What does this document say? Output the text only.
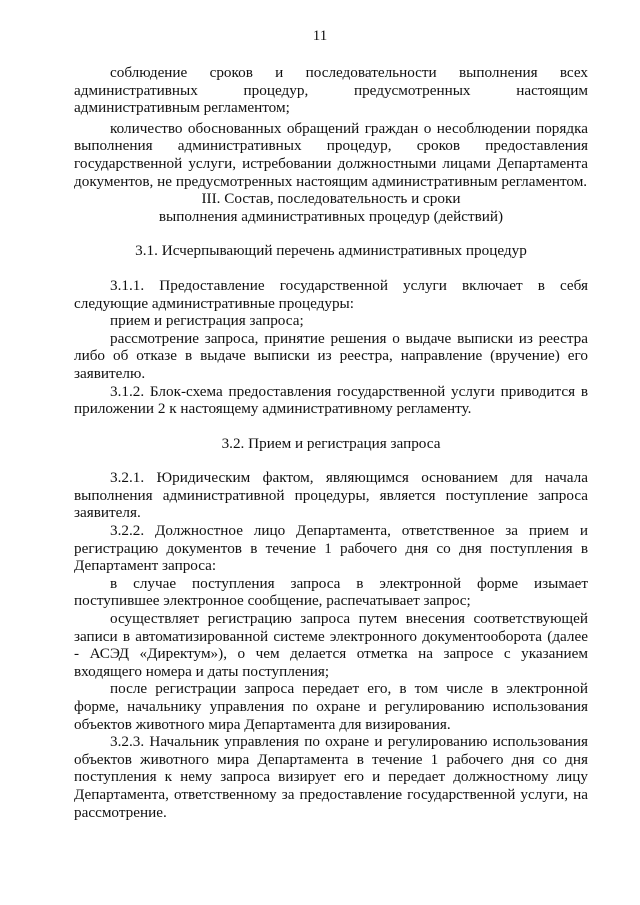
11

соблюдение сроков и последовательности выполнения всех административных процедур, предусмотренных настоящим административным регламентом;

количество обоснованных обращений граждан о несоблюдении порядка выполнения административных процедур, сроков предоставления государственной услуги, истребовании должностными лицами Департамента документов, не предусмотренных настоящим административным регламентом.

III. Состав, последовательность и сроки

выполнения административных процедур (действий)

3.1. Исчерпывающий перечень административных процедур

3.1.1. Предоставление государственной услуги включает в себя следующие административные процедуры:

прием и регистрация запроса;

рассмотрение запроса, принятие решения о выдаче выписки из реестра либо об отказе в выдаче выписки из реестра, направление (вручение) его заявителю.

3.1.2. Блок-схема предоставления государственной услуги приводится в приложении 2 к настоящему административному регламенту.

3.2. Прием и регистрация запроса

3.2.1. Юридическим фактом, являющимся основанием для начала выполнения административной процедуры, является поступление запроса заявителя.

3.2.2. Должностное лицо Департамента, ответственное за прием и регистрацию документов в течение 1 рабочего дня со дня поступления в Департамент запроса:

в случае поступления запроса в электронной форме изымает поступившее электронное сообщение, распечатывает запрос;

осуществляет регистрацию запроса путем внесения соответствующей записи в автоматизированной системе электронного документооборота (далее - АСЭД «Директум»), о чем делается отметка на запросе с указанием входящего номера и даты поступления;

после регистрации запроса передает его, в том числе в электронной форме, начальнику управления по охране и регулированию использования объектов животного мира Департамента для визирования.

3.2.3. Начальник управления по охране и регулированию использования объектов животного мира Департамента в течение 1 рабочего дня со дня поступления к нему запроса визирует его и передает должностному лицу Департамента, ответственному за предоставление государственной услуги, на рассмотрение.
